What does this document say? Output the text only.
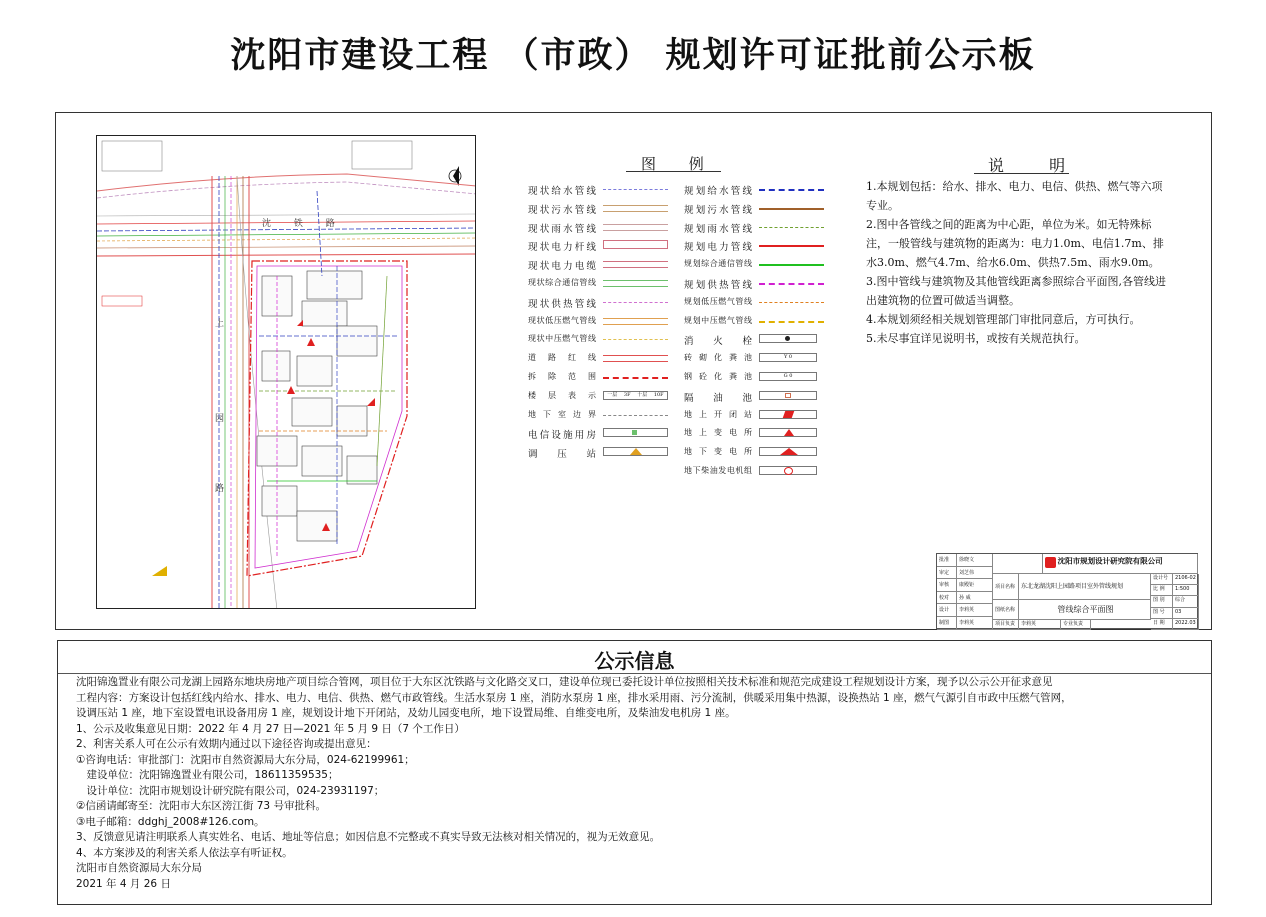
沈阳市建设工程 （市政） 规划许可证批前公示板
沈 铁 路
上
园
路
图 例
现状给水管线
现状污水管线
现状雨水管线
现状电力杆线
现状电力电缆
现状综合通信管线
现状供热管线
现状低压燃气管线
现状中压燃气管线
道 路 红 线
拆 除 范 围
楼 层 表 示 一层 3F 十层 10F
地 下 室 边 界
电信设施用房
调 压 站
规划给水管线
规划污水管线
规划雨水管线
规划电力管线
规划综合通信管线
规划供热管线
规划低压燃气管线
规划中压燃气管线
消 火 栓
砖 砌 化 粪 池	Y 0
钢 砼 化 粪 池	G 0
隔 油 池
地 上 开 闭 站
地 上 变 电 所
地 下 变 电 所
地下柴油发电机组
说 明

1.本规划包括：给水、排水、电力、电信、供热、燃气等六项专业。

2.图中各管线之间的距离为中心距，单位为米。如无特殊标注，一般管线与建筑物的距离为：电力1.0m、电信1.7m、排水3.0m、燃气4.7m、给水6.0m、供热7.5m、雨水9.0m。

3.图中管线与建筑物及其他管线距离参照综合平面图,各管线进出建筑物的位置可做适当调整。

4.本规划须经相关规划管理部门审批同意后，方可执行。

5.未尽事宜详见说明书，或按有关规范执行。

批准	徐晓文
审定	刘芝伟
审核	康殿钜
校对	孙 威
设计	李莉英
制图	李莉英

沈阳市规划设计研究院有限公司
项目名称 东北龙湖沈阳上园路项目室外管线规划
图纸名称	管线综合平面图
项目负责	李莉英	专业负责
设计号	2106-02
比 例	1:500
图 别	综合
图 号	03
日 期	2022.03
公示信息
沈阳锦逸置业有限公司龙湖上园路东地块房地产项目综合管网，项目位于大东区沈铁路与文化路交叉口，建设单位现已委托设计单位按照相关技术标准和规范完成建设工程规划设计方案，现予以公示公开征求意见
工程内容：方案设计包括红线内给水、排水、电力、电信、供热、燃气市政管线。生活水泵房 1 座，消防水泵房 1 座，排水采用雨、污分流制，供暖采用集中热源，设换热站 1 座，燃气气源引自市政中压燃气管网，
设调压站 1 座，地下室设置电讯设备用房 1 座，规划设计地下开闭站，及幼儿园变电所，地下设置局维、自维变电所，及柴油发电机房 1 座。
1、公示及收集意见日期：2022 年 4 月 27 日—2021 年 5 月 9 日（7 个工作日）
2、利害关系人可在公示有效期内通过以下途径咨询或提出意见：
①咨询电话：审批部门：沈阳市自然资源局大东分局，024-62199961；
　建设单位：沈阳锦逸置业有限公司，18611359535；
　设计单位：沈阳市规划设计研究院有限公司，024-23931197；
②信函请邮寄至：沈阳市大东区滂江街 73 号审批科。
③电子邮箱：ddghj_2008#126.com。
3、反馈意见请注明联系人真实姓名、电话、地址等信息；如因信息不完整或不真实导致无法核对相关情况的，视为无效意见。
4、本方案涉及的利害关系人依法享有听证权。
沈阳市自然资源局大东分局
2021 年 4 月 26 日
